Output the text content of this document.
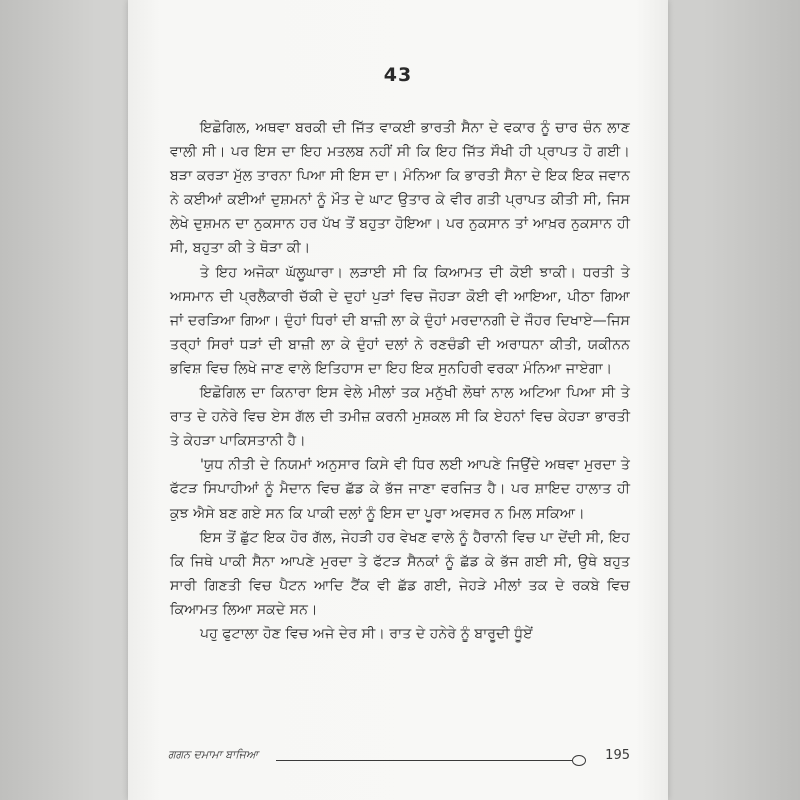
43

ਇਛੋਗਿਲ, ਅਥਵਾ ਬਰਕੀ ਦੀ ਜਿੱਤ ਵਾਕਈ ਭਾਰਤੀ ਸੈਨਾ ਦੇ ਵਕਾਰ ਨੂੰ ਚਾਰ ਚੰਨ ਲਾਣ ਵਾਲੀ ਸੀ। ਪਰ ਇਸ ਦਾ ਇਹ ਮਤਲਬ ਨਹੀਂ ਸੀ ਕਿ ਇਹ ਜਿੱਤ ਸੌਖੀ ਹੀ ਪ੍ਰਾਪਤ ਹੋ ਗਈ। ਬੜਾ ਕਰੜਾ ਮੁੱਲ ਤਾਰਨਾ ਪਿਆ ਸੀ ਇਸ ਦਾ। ਮੰਨਿਆ ਕਿ ਭਾਰਤੀ ਸੈਨਾ ਦੇ ਇਕ ਇਕ ਜਵਾਨ ਨੇ ਕਈਆਂ ਕਈਆਂ ਦੁਸ਼ਮਨਾਂ ਨੂੰ ਮੌਤ ਦੇ ਘਾਟ ਉਤਾਰ ਕੇ ਵੀਰ ਗਤੀ ਪ੍ਰਾਪਤ ਕੀਤੀ ਸੀ, ਜਿਸ ਲੇਖੇ ਦੁਸ਼ਮਨ ਦਾ ਨੁਕਸਾਨ ਹਰ ਪੱਖ ਤੋਂ ਬਹੁਤਾ ਹੋਇਆ। ਪਰ ਨੁਕਸਾਨ ਤਾਂ ਆਖ਼ਰ ਨੁਕਸਾਨ ਹੀ ਸੀ, ਬਹੁਤਾ ਕੀ ਤੇ ਥੋੜਾ ਕੀ।

ਤੇ ਇਹ ਅਜੋਕਾ ਘੱਲੂਘਾਰਾ। ਲੜਾਈ ਸੀ ਕਿ ਕਿਆਮਤ ਦੀ ਕੋਈ ਝਾਕੀ। ਧਰਤੀ ਤੇ ਅਸਮਾਨ ਦੀ ਪ੍ਰਲੈਕਾਰੀ ਚੱਕੀ ਦੇ ਦੁਹਾਂ ਪੁੜਾਂ ਵਿਚ ਜੋਹੜਾ ਕੋਈ ਵੀ ਆਇਆ, ਪੀਠਾ ਗਿਆ ਜਾਂ ਦਰੜਿਆ ਗਿਆ। ਦੁੰਹਾਂ ਧਿਰਾਂ ਦੀ ਬਾਜ਼ੀ ਲਾ ਕੇ ਦੁੰਹਾਂ ਮਰਦਾਨਗੀ ਦੇ ਜੌਹਰ ਦਿਖਾਏ—ਜਿਸ ਤਰ੍ਹਾਂ ਸਿਰਾਂ ਧੜਾਂ ਦੀ ਬਾਜ਼ੀ ਲਾ ਕੇ ਦੁੰਹਾਂ ਦਲਾਂ ਨੇ ਰਣਚੰਡੀ ਦੀ ਅਰਾਧਨਾ ਕੀਤੀ, ਯਕੀਨਨ ਭਵਿਸ਼ ਵਿਚ ਲਿਖੇ ਜਾਣ ਵਾਲੇ ਇਤਿਹਾਸ ਦਾ ਇਹ ਇਕ ਸੁਨਹਿਰੀ ਵਰਕਾ ਮੰਨਿਆ ਜਾਏਗਾ।

ਇਛੋਗਿਲ ਦਾ ਕਿਨਾਰਾ ਇਸ ਵੇਲੇ ਮੀਲਾਂ ਤਕ ਮਨੁੱਖੀ ਲੋਥਾਂ ਨਾਲ ਅਟਿਆ ਪਿਆ ਸੀ ਤੇ ਰਾਤ ਦੇ ਹਨੇਰੇ ਵਿਚ ਏਸ ਗੱਲ ਦੀ ਤਮੀਜ਼ ਕਰਨੀ ਮੁਸ਼ਕਲ ਸੀ ਕਿ ਏਹਨਾਂ ਵਿਚ ਕੇਹੜਾ ਭਾਰਤੀ ਤੇ ਕੇਹੜਾ ਪਾਕਿਸਤਾਨੀ ਹੈ।

'ਯੁਧ ਨੀਤੀ ਦੇ ਨਿਯਮਾਂ ਅਨੁਸਾਰ ਕਿਸੇ ਵੀ ਧਿਰ ਲਈ ਆਪਣੇ ਜਿਉਂਦੇ ਅਥਵਾ ਮੁਰਦਾ ਤੇ ਫੱਟੜ ਸਿਪਾਹੀਆਂ ਨੂੰ ਮੈਦਾਨ ਵਿਚ ਛੱਡ ਕੇ ਭੱਜ ਜਾਣਾ ਵਰਜਿਤ ਹੈ। ਪਰ ਸ਼ਾਇਦ ਹਾਲਾਤ ਹੀ ਕੁਝ ਐਸੇ ਬਣ ਗਏ ਸਨ ਕਿ ਪਾਕੀ ਦਲਾਂ ਨੂੰ ਇਸ ਦਾ ਪੂਰਾ ਅਵਸਰ ਨ ਮਿਲ ਸਕਿਆ।

ਇਸ ਤੋਂ ਛੁੱਟ ਇਕ ਹੋਰ ਗੱਲ, ਜੇਹੜੀ ਹਰ ਵੇਖਣ ਵਾਲੇ ਨੂੰ ਹੈਰਾਨੀ ਵਿਚ ਪਾ ਦੇਂਦੀ ਸੀ, ਇਹ ਕਿ ਜਿਥੇ ਪਾਕੀ ਸੈਨਾ ਆਪਣੇ ਮੁਰਦਾ ਤੇ ਫੱਟੜ ਸੈਨਕਾਂ ਨੂੰ ਛੱਡ ਕੇ ਭੱਜ ਗਈ ਸੀ, ਉਥੇ ਬਹੁਤ ਸਾਰੀ ਗਿਣਤੀ ਵਿਚ ਪੈਟਨ ਆਦਿ ਟੈਂਕ ਵੀ ਛੱਡ ਗਈ, ਜੇਹੜੇ ਮੀਲਾਂ ਤਕ ਦੇ ਰਕਬੇ ਵਿਚ ਕਿਆਮਤ ਲਿਆ ਸਕਦੇ ਸਨ।

ਪਹੁ ਫੁਟਾਲਾ ਹੋਣ ਵਿਚ ਅਜੇ ਦੇਰ ਸੀ। ਰਾਤ ਦੇ ਹਨੇਰੇ ਨੂੰ ਬਾਰੂਦੀ ਧੂੰਏਂ

ਗਗਨ ਦਮਾਮਾ ਬਾਜਿਆ	195
